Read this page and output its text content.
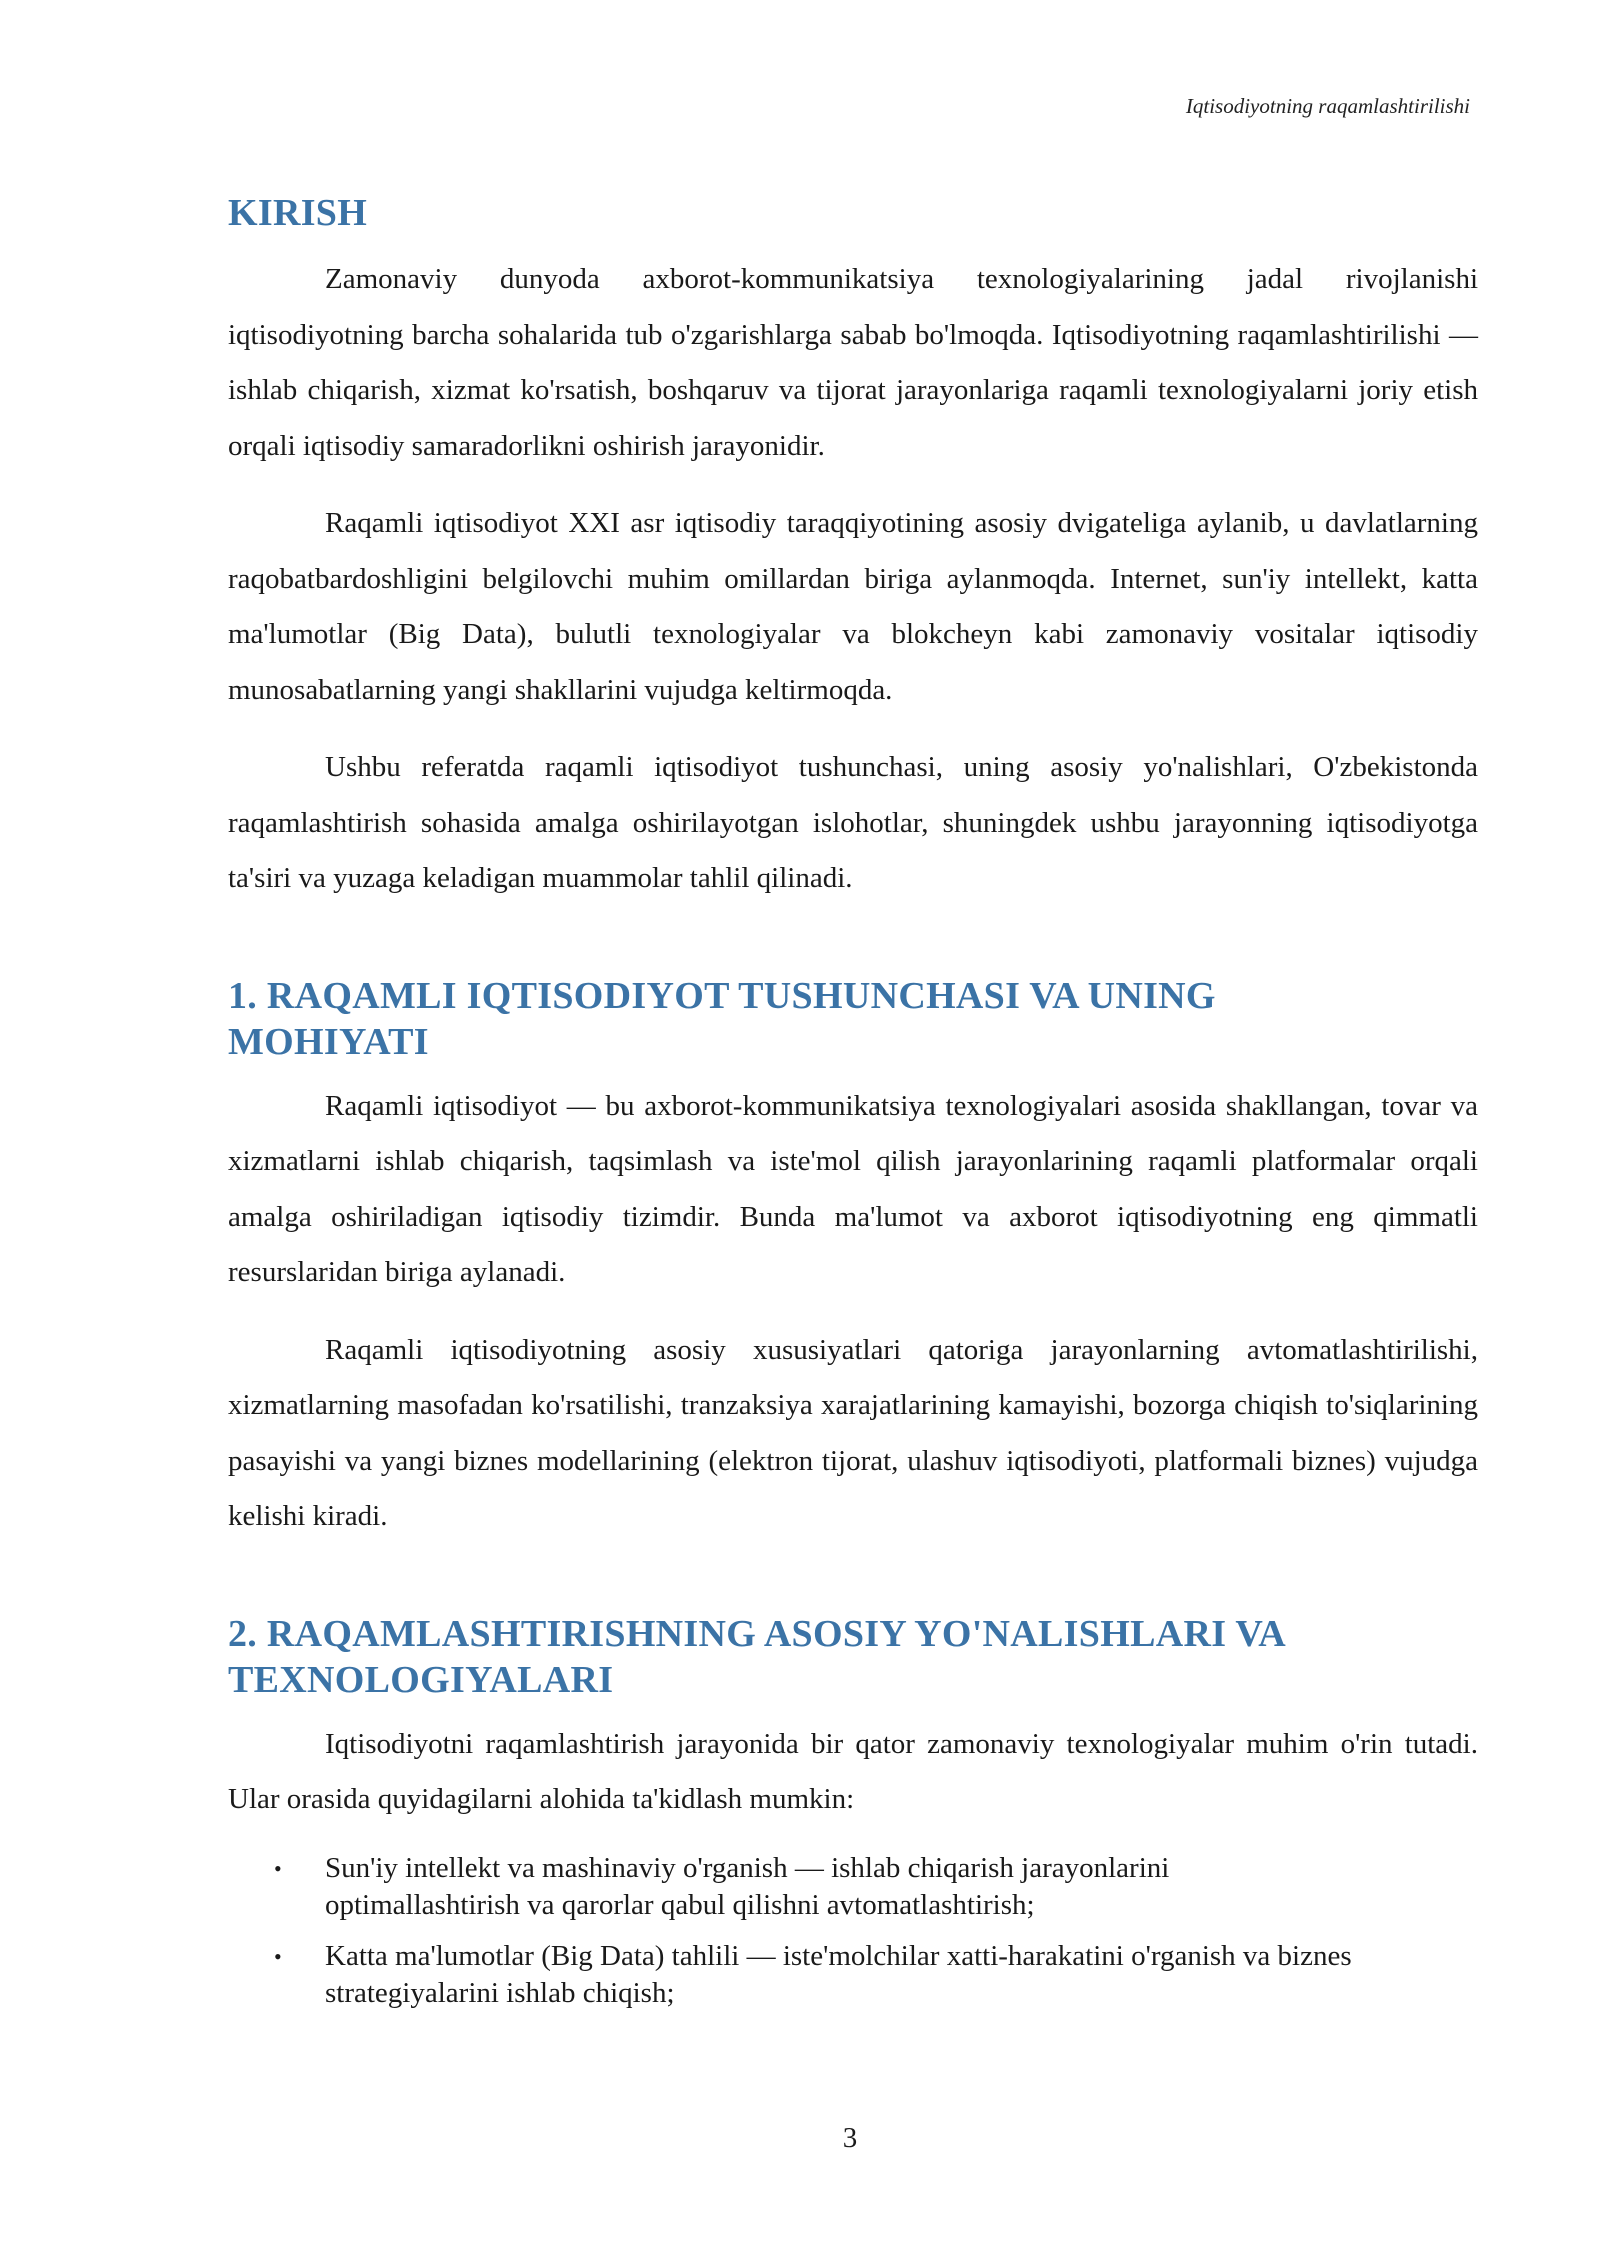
Iqtisodiyotning raqamlashtirilishi
KIRISH

Zamonaviy dunyoda axborot-kommunikatsiya texnologiyalarining jadal rivojlanishi iqtisodiyotning barcha sohalarida tub o'zgarishlarga sabab bo'lmoqda. Iqtisodiyotning raqamlashtirilishi — ishlab chiqarish, xizmat ko'rsatish, boshqaruv va tijorat jarayonlariga raqamli texnologiyalarni joriy etish orqali iqtisodiy samaradorlikni oshirish jarayonidir.

Raqamli iqtisodiyot XXI asr iqtisodiy taraqqiyotining asosiy dvigateliga aylanib, u davlatlarning raqobatbardoshligini belgilovchi muhim omillardan biriga aylanmoqda. Internet, sun'iy intellekt, katta ma'lumotlar (Big Data), bulutli texnologiyalar va blokcheyn kabi zamonaviy vositalar iqtisodiy munosabatlarning yangi shakllarini vujudga keltirmoqda.

Ushbu referatda raqamli iqtisodiyot tushunchasi, uning asosiy yo'nalishlari, O'zbekistonda raqamlashtirish sohasida amalga oshirilayotgan islohotlar, shuningdek ushbu jarayonning iqtisodiyotga ta'siri va yuzaga keladigan muammolar tahlil qilinadi.

1. RAQAMLI IQTISODIYOT TUSHUNCHASI VA UNING
MOHIYATI

Raqamli iqtisodiyot — bu axborot-kommunikatsiya texnologiyalari asosida shakllangan, tovar va xizmatlarni ishlab chiqarish, taqsimlash va iste'mol qilish jarayonlarining raqamli platformalar orqali amalga oshiriladigan iqtisodiy tizimdir. Bunda ma'lumot va axborot iqtisodiyotning eng qimmatli resurslaridan biriga aylanadi.

Raqamli iqtisodiyotning asosiy xususiyatlari qatoriga jarayonlarning avtomatlashtirilishi, xizmatlarning masofadan ko'rsatilishi, tranzaksiya xarajatlarining kamayishi, bozorga chiqish to'siqlarining pasayishi va yangi biznes modellarining (elektron tijorat, ulashuv iqtisodiyoti, platformali biznes) vujudga kelishi kiradi.

2. RAQAMLASHTIRISHNING ASOSIY YO'NALISHLARI VA
TEXNOLOGIYALARI

Iqtisodiyotni raqamlashtirish jarayonida bir qator zamonaviy texnologiyalar muhim o'rin tutadi. Ular orasida quyidagilarni alohida ta'kidlash mumkin:

• Sun'iy intellekt va mashinaviy o'rganish — ishlab chiqarish jarayonlarini
optimallashtirish va qarorlar qabul qilishni avtomatlashtirish;
• Katta ma'lumotlar (Big Data) tahlili — iste'molchilar xatti-harakatini o'rganish va biznes
strategiyalarini ishlab chiqish;
3
